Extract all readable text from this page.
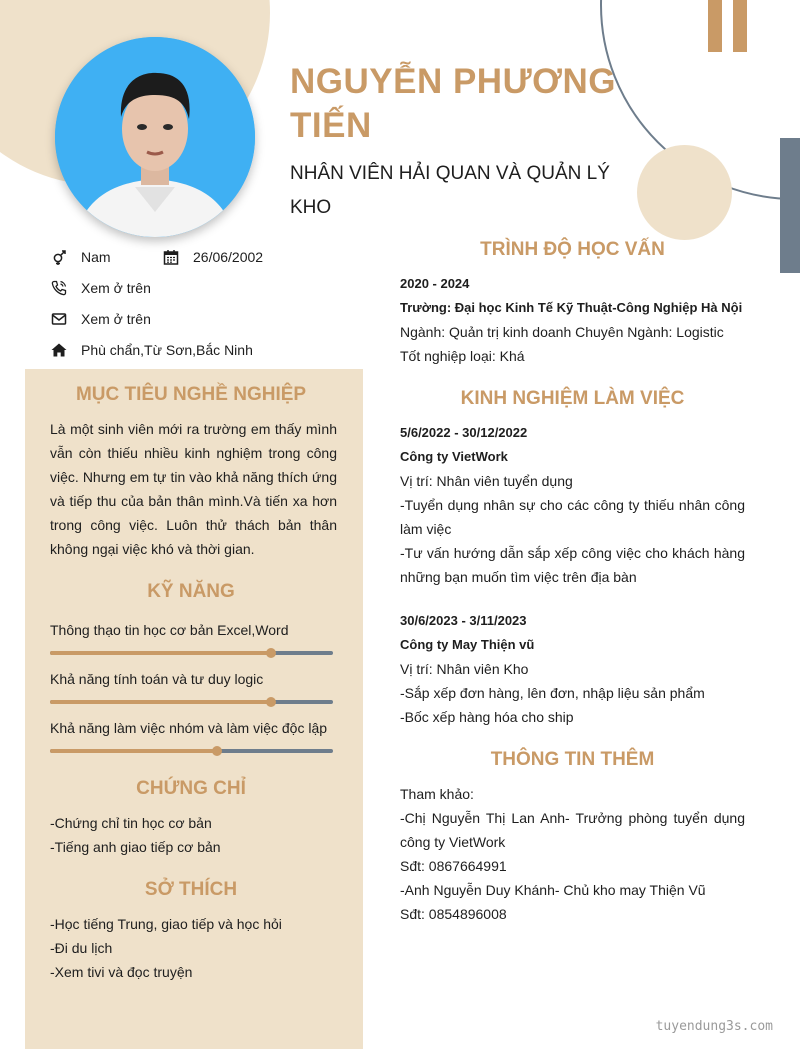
NGUYỄN PHƯƠNG TIẾN
NHÂN VIÊN HẢI QUAN VÀ QUẢN LÝ KHO
Nam	26/06/2002
Xem ở trên
Xem ở trên
Phù chẩn,Từ Sơn,Bắc Ninh
MỤC TIÊU NGHỀ NGHIỆP
Là một sinh viên mới ra trường em thấy mình vẫn còn thiếu nhiều kinh nghiệm trong công việc. Nhưng em tự tin vào khả năng thích ứng và tiếp thu của bản thân mình.Và tiến xa hơn trong công việc. Luôn thử thách bản thân không ngại việc khó và thời gian.
KỸ NĂNG
Thông thạo tin học cơ bản Excel,Word
Khả năng tính toán và tư duy logic
Khả năng làm việc nhóm và làm việc độc lập
CHỨNG CHỈ
-Chứng chỉ tin học cơ bản
-Tiếng anh giao tiếp cơ bản
SỞ THÍCH
-Học tiếng Trung, giao tiếp và học hỏi
-Đi du lịch
-Xem tivi và đọc truyện
TRÌNH ĐỘ HỌC VẤN
2020 - 2024
Trường: Đại học Kinh Tế Kỹ Thuật-Công Nghiệp Hà Nội
Ngành: Quản trị kinh doanh Chuyên Ngành: Logistic
Tốt nghiệp loại: Khá
KINH NGHIỆM LÀM VIỆC
5/6/2022 - 30/12/2022
Công ty VietWork
Vị trí: Nhân viên tuyển dụng
-Tuyển dụng nhân sự cho các công ty thiếu nhân công làm việc
-Tư vấn hướng dẫn sắp xếp công việc cho khách hàng những bạn muốn tìm việc trên địa bàn
30/6/2023 - 3/11/2023
Công ty May Thiện vũ
Vị trí: Nhân viên Kho
-Sắp xếp đơn hàng, lên đơn, nhập liệu sản phẩm
-Bốc xếp hàng hóa cho ship
THÔNG TIN THÊM
Tham khảo:
-Chị Nguyễn Thị Lan Anh- Trưởng phòng tuyển dụng công ty VietWork
Sđt: 0867664991
-Anh Nguyễn Duy Khánh- Chủ kho may Thiện Vũ
Sđt: 0854896008
tuyendung3s.com
